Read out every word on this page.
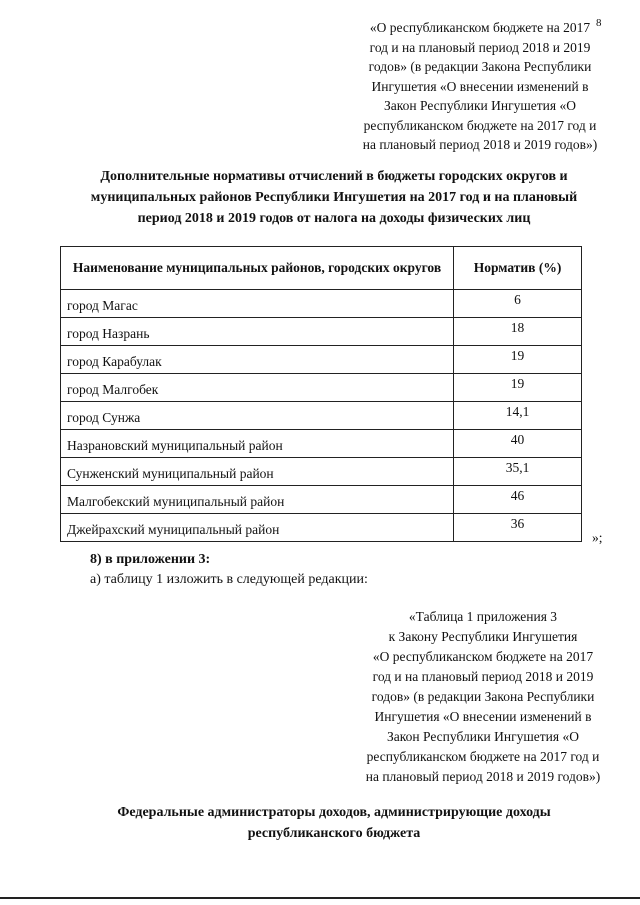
8
«О республиканском бюджете на 2017
год и на плановый период 2018 и 2019
годов» (в редакции Закона Республики
Ингушетия «О внесении изменений в
Закон Республики Ингушетия «О
республиканском бюджете на 2017 год и
на плановый период 2018 и 2019 годов»)
Дополнительные нормативы отчислений в бюджеты городских округов и
муниципальных районов Республики Ингушетия на 2017 год и на плановый
период 2018 и 2019 годов от налога на доходы физических лиц
Наименование муниципальных районов, городских округов	Норматив (%)
город Магас	6
город Назрань	18
город Карабулак	19
город Малгобек	19
город Сунжа	14,1
Назрановский муниципальный район	40
Сунженский муниципальный район	35,1
Малгобекский муниципальный район	46
Джейрахский муниципальный район	36
»;
8) в приложении 3:
а) таблицу 1 изложить в следующей редакции:
«Таблица 1 приложения 3
к Закону Республики Ингушетия
«О республиканском бюджете на 2017
год и на плановый период 2018 и 2019
годов» (в редакции Закона Республики
Ингушетия «О внесении изменений в
Закон Республики Ингушетия «О
республиканском бюджете на 2017 год и
на плановый период 2018 и 2019 годов»)
Федеральные администраторы доходов, администрирующие доходы
республиканского бюджета
